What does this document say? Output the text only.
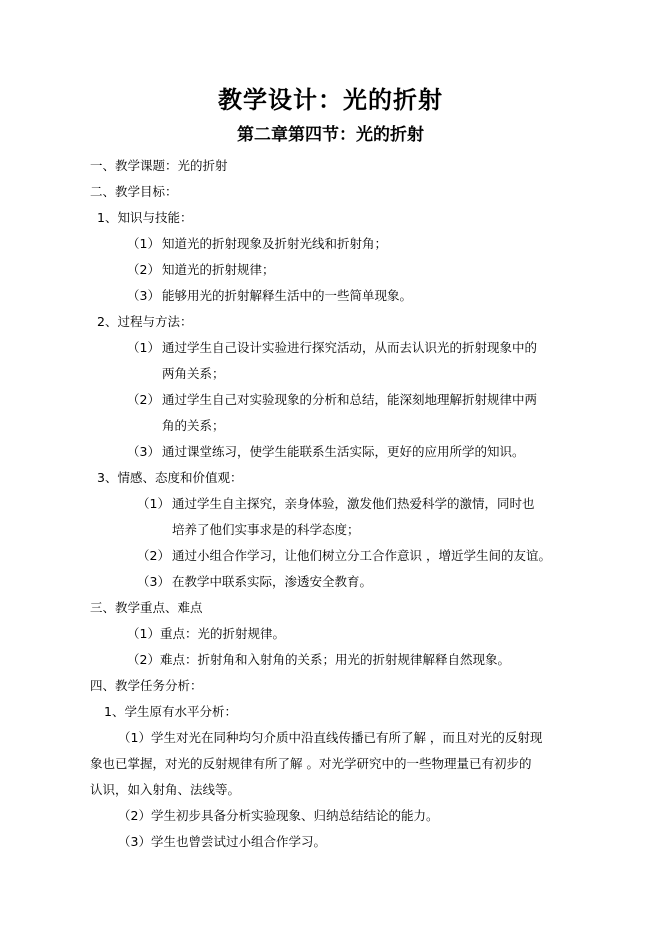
教学设计：光的折射
第二章第四节：光的折射
一、教学课题：光的折射
二、教学目标：
1、知识与技能：
（1） 知道光的折射现象及折射光线和折射角；
（2） 知道光的折射规律；
（3） 能够用光的折射解释生活中的一些简单现象。
2、过程与方法：
（1） 通过学生自己设计实验进行探究活动，从而去认识光的折射现象中的
两角关系；
（2） 通过学生自己对实验现象的分析和总结，能深刻地理解折射规律中两
角的关系；
（3） 通过课堂练习，使学生能联系生活实际，更好的应用所学的知识。
3、情感、态度和价值观：
（1） 通过学生自主探究，亲身体验，激发他们热爱科学的激情，同时也
培养了他们实事求是的科学态度；
（2） 通过小组合作学习，让他们树立分工合作意识 ，增近学生间的友谊。
（3） 在教学中联系实际，渗透安全教育。
三、教学重点、难点
（1）重点：光的折射规律。
（2）难点：折射角和入射角的关系；用光的折射规律解释自然现象。
四、教学任务分析：
1、学生原有水平分析：
（1）学生对光在同种均匀介质中沿直线传播已有所了解 ，而且对光的反射现
象也已掌握，对光的反射规律有所了解 。对光学研究中的一些物理量已有初步的
认识，如入射角、法线等。
（2）学生初步具备分析实验现象、归纳总结结论的能力。
（3）学生也曾尝试过小组合作学习。
